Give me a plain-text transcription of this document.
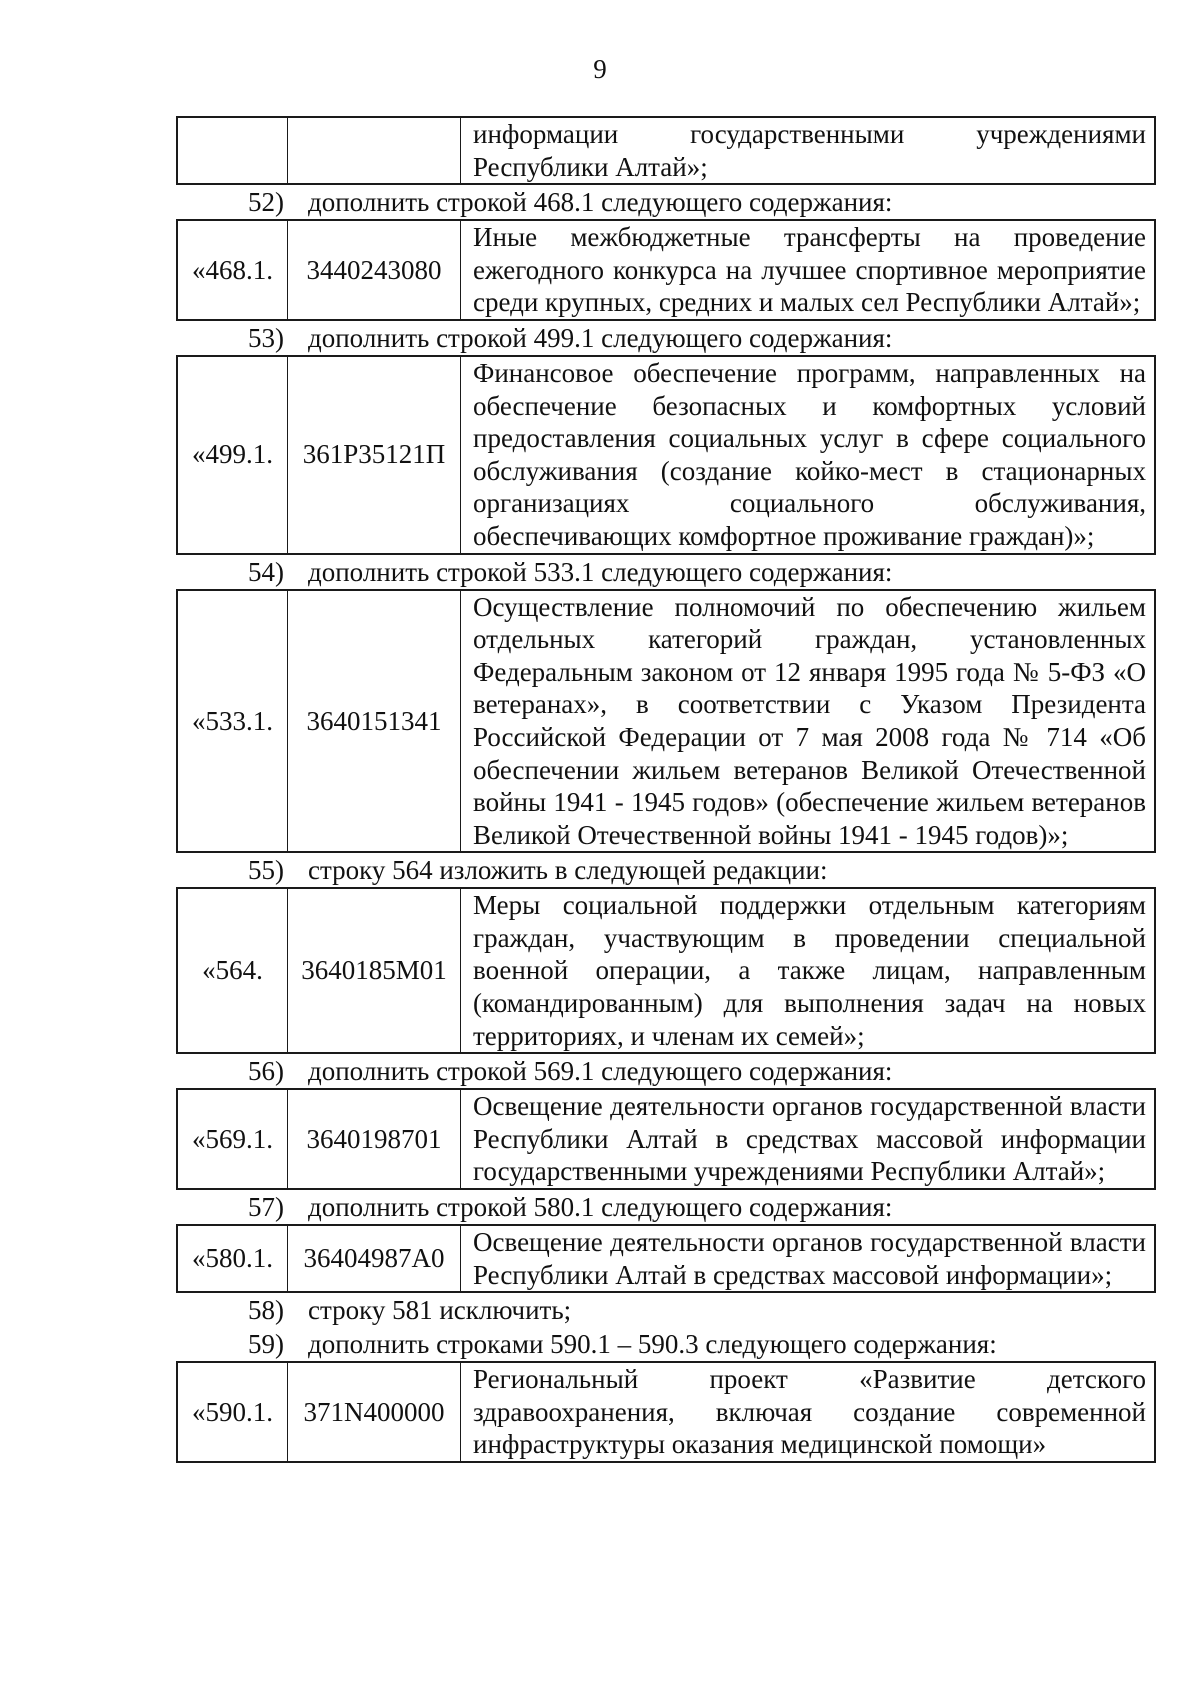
9
		информации государственными учреждениями Республики Алтай»;
52) дополнить строкой 468.1 следующего содержания:
«468.1.	3440243080	Иные межбюджетные трансферты на проведение ежегодного конкурса на лучшее спортивное мероприятие среди крупных, средних и малых сел Республики Алтай»;
53) дополнить строкой 499.1 следующего содержания:
«499.1.	361Р35121П	Финансовое обеспечение программ, направленных на обеспечение безопасных и комфортных условий предоставления социальных услуг в сфере социального обслуживания (создание койко-мест в стационарных организациях социального обслуживания, обеспечивающих комфортное проживание граждан)»;
54) дополнить строкой 533.1 следующего содержания:
«533.1.	3640151341	Осуществление полномочий по обеспечению жильем отдельных категорий граждан, установленных Федеральным законом от 12 января 1995 года № 5-ФЗ «О ветеранах», в соответствии с Указом Президента Российской Федерации от 7 мая 2008 года № 714 «Об обеспечении жильем ветеранов Великой Отечественной войны 1941 - 1945 годов» (обеспечение жильем ветеранов Великой Отечественной войны 1941 - 1945 годов)»;
55) строку 564 изложить в следующей редакции:
«564.	3640185М01	Меры социальной поддержки отдельным категориям граждан, участвующим в проведении специальной военной операции, а также лицам, направленным (командированным) для выполнения задач на новых территориях, и членам их семей»;
56) дополнить строкой 569.1 следующего содержания:
«569.1.	3640198701	Освещение деятельности органов государственной власти Республики Алтай в средствах массовой информации государственными учреждениями Республики Алтай»;
57) дополнить строкой 580.1 следующего содержания:
«580.1.	36404987А0	Освещение деятельности органов государственной власти Республики Алтай в средствах массовой информации»;
58) строку 581 исключить;
59) дополнить строками 590.1 – 590.3 следующего содержания:
«590.1.	371N400000	Региональный проект «Развитие детского здравоохранения, включая создание современной инфраструктуры оказания медицинской помощи»
